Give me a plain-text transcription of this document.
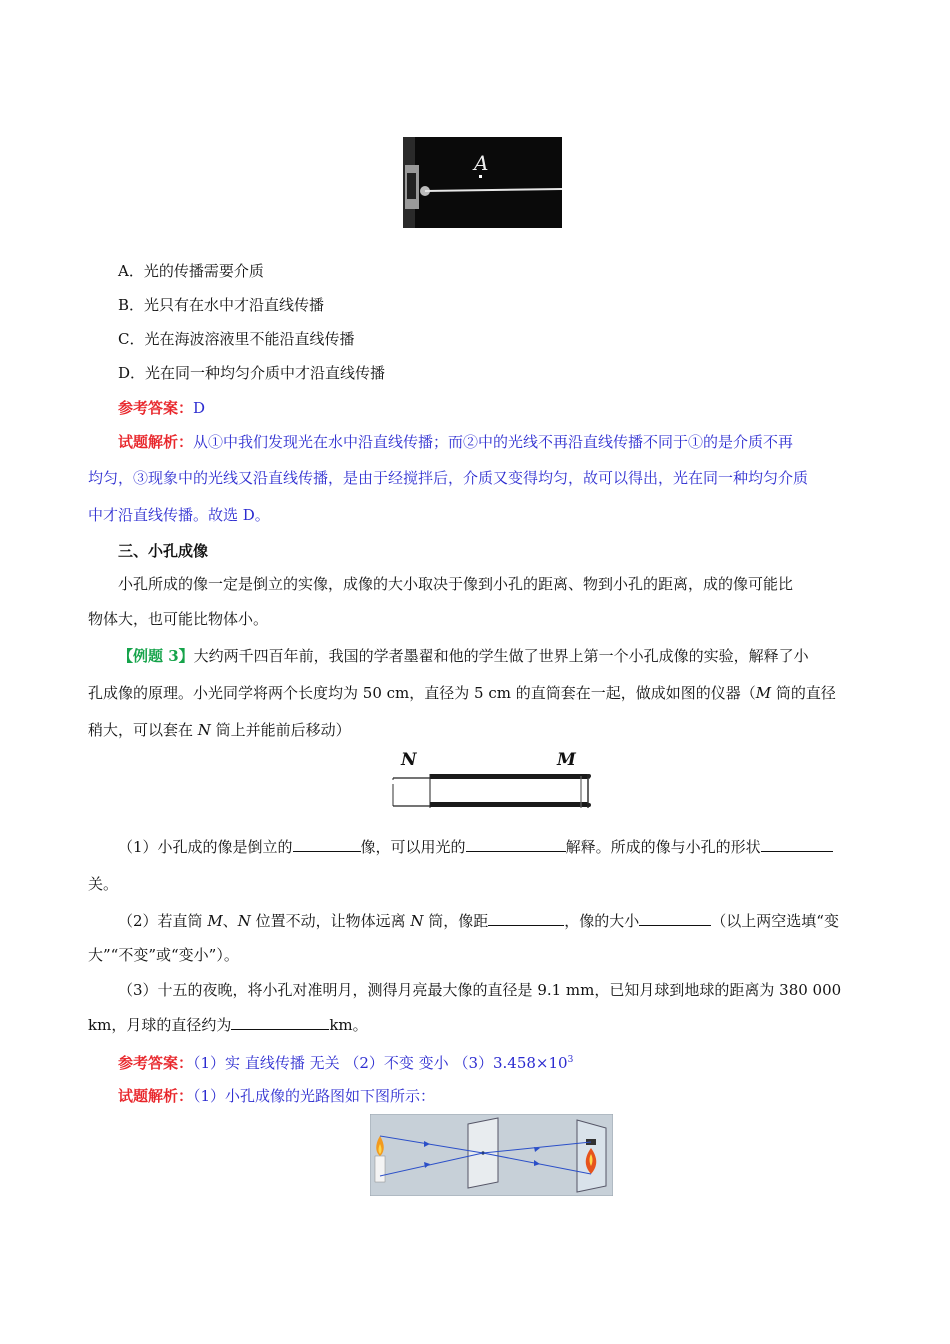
A
A．光的传播需要介质
B．光只有在水中才沿直线传播
C．光在海波溶液里不能沿直线传播
D．光在同一种均匀介质中才沿直线传播
参考答案：D
试题解析：从①中我们发现光在水中沿直线传播；而②中的光线不再沿直线传播不同于①的是介质不再
均匀，③现象中的光线又沿直线传播，是由于经搅拌后，介质又变得均匀，故可以得出，光在同一种均匀介质
中才沿直线传播。故选 D。
三、小孔成像
小孔所成的像一定是倒立的实像，成像的大小取决于像到小孔的距离、物到小孔的距离，成的像可能比
物体大，也可能比物体小。
【例题 3】大约两千四百年前，我国的学者墨翟和他的学生做了世界上第一个小孔成像的实验，解释了小
孔成像的原理。小光同学将两个长度均为 50 cm，直径为 5 cm 的直筒套在一起，做成如图的仪器（M 筒的直径
稍大，可以套在 N 筒上并能前后移动）
N	M
（1）小孔成的像是倒立的	像，可以用光的	解释。所成的像与小孔的形状
关。
（2）若直筒 M、N 位置不动，让物体远离 N 筒，像距	，像的大小	（以上两空选填“变
大”“不变”或“变小”）。
（3）十五的夜晚，将小孔对准明月，测得月亮最大像的直径是 9.1 mm，已知月球到地球的距离为 380 000
km，月球的直径约为	km。
参考答案：（1）实 直线传播 无关 （2）不变 变小 $(3)3.458\times 10^3$
试题解析：（1）小孔成像的光路图如下图所示：
